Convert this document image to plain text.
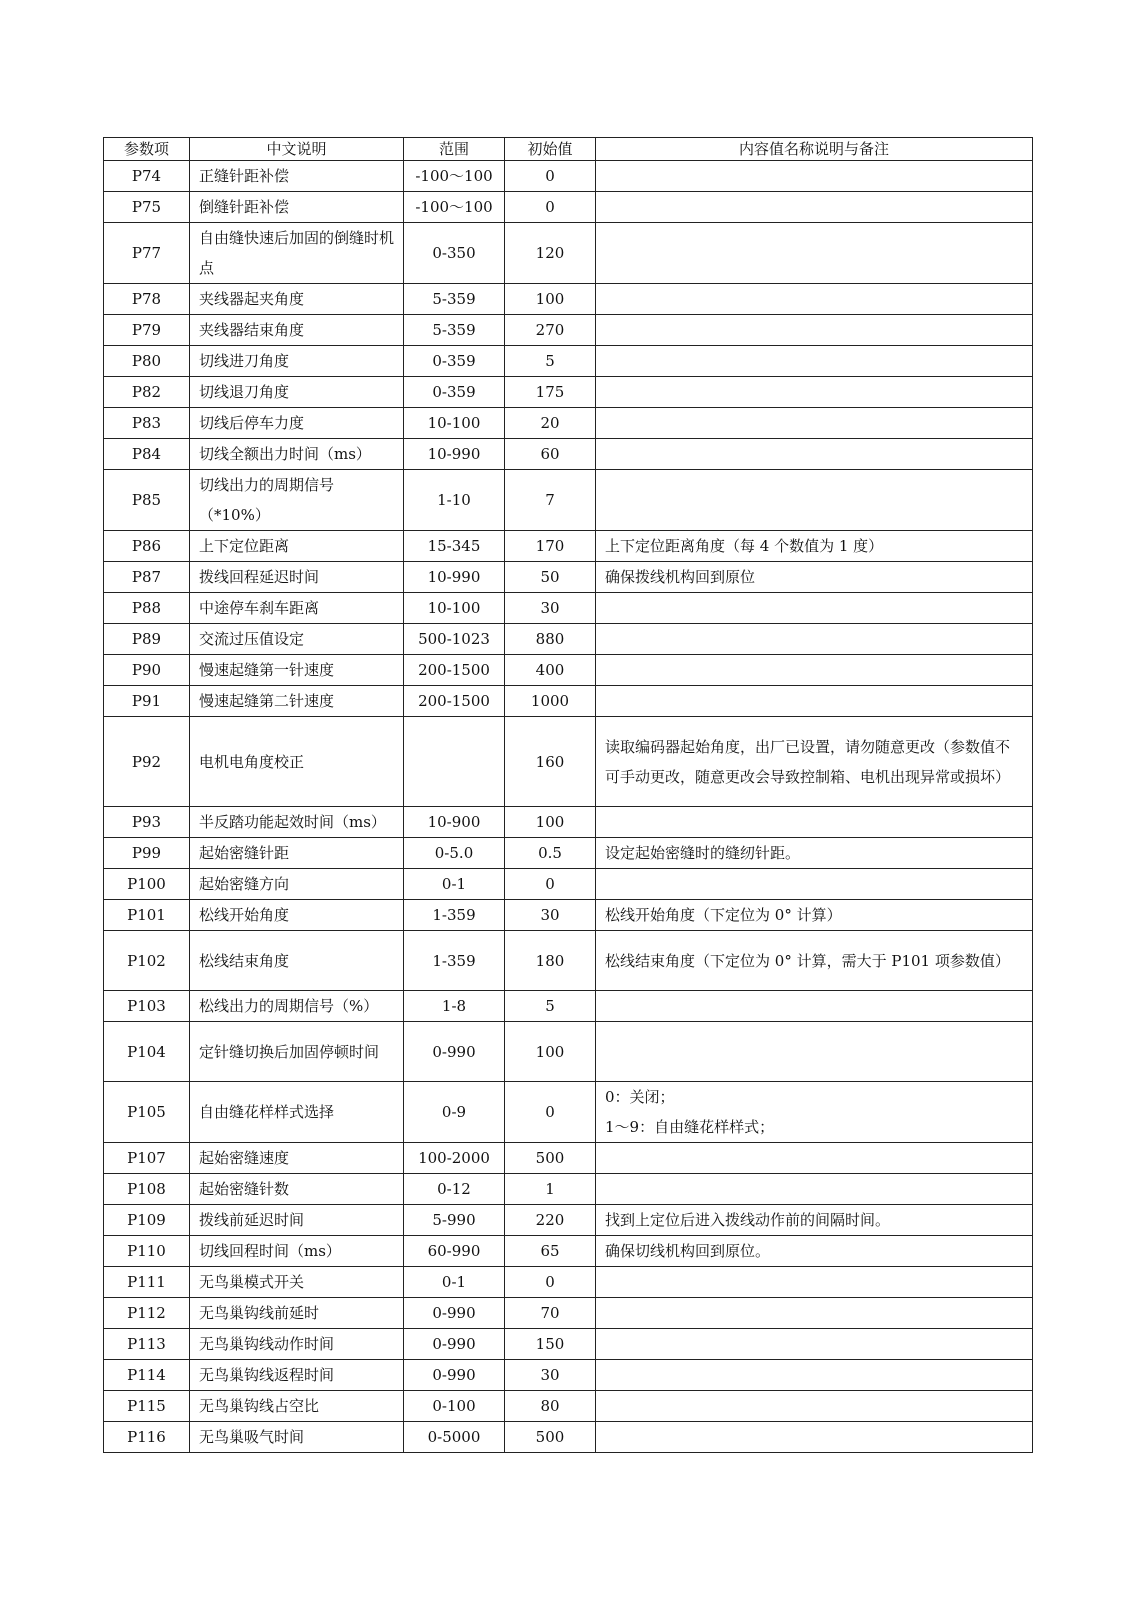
参数项	中文说明	范围	初始值	内容值名称说明与备注
P74	正缝针距补偿	-100～100	0	
P75	倒缝针距补偿	-100～100	0	
P77	自由缝快速后加固的倒缝时机点	0-350	120	
P78	夹线器起夹角度	5-359	100	
P79	夹线器结束角度	5-359	270	
P80	切线进刀角度	0-359	5	
P82	切线退刀角度	0-359	175	
P83	切线后停车力度	10-100	20	
P84	切线全额出力时间（ms）	10-990	60	
P85	切线出力的周期信号（*10%）	1-10	7	
P86	上下定位距离	15-345	170	上下定位距离角度（每 4 个数值为 1 度）
P87	拨线回程延迟时间	10-990	50	确保拨线机构回到原位
P88	中途停车刹车距离	10-100	30	
P89	交流过压值设定	500-1023	880	
P90	慢速起缝第一针速度	200-1500	400	
P91	慢速起缝第二针速度	200-1500	1000	
P92	电机电角度校正		160	读取编码器起始角度，出厂已设置，请勿随意更改（参数值不可手动更改，随意更改会导致控制箱、电机出现异常或损坏）
P93	半反踏功能起效时间（ms）	10-900	100	
P99	起始密缝针距	0-5.0	0.5	设定起始密缝时的缝纫针距。
P100	起始密缝方向	0-1	0	
P101	松线开始角度	1-359	30	松线开始角度（下定位为 0° 计算）
P102	松线结束角度	1-359	180	松线结束角度（下定位为 0° 计算，需大于 P101 项参数值）
P103	松线出力的周期信号（%）	1-8	5	
P104	定针缝切换后加固停顿时间	0-990	100	
P105	自由缝花样样式选择	0-9	0	0：关闭；
1～9：自由缝花样样式；
P107	起始密缝速度	100-2000	500	
P108	起始密缝针数	0-12	1	
P109	拨线前延迟时间	5-990	220	找到上定位后进入拨线动作前的间隔时间。
P110	切线回程时间（ms）	60-990	65	确保切线机构回到原位。
P111	无鸟巢模式开关	0-1	0	
P112	无鸟巢钩线前延时	0-990	70	
P113	无鸟巢钩线动作时间	0-990	150	
P114	无鸟巢钩线返程时间	0-990	30	
P115	无鸟巢钩线占空比	0-100	80	
P116	无鸟巢吸气时间	0-5000	500	
